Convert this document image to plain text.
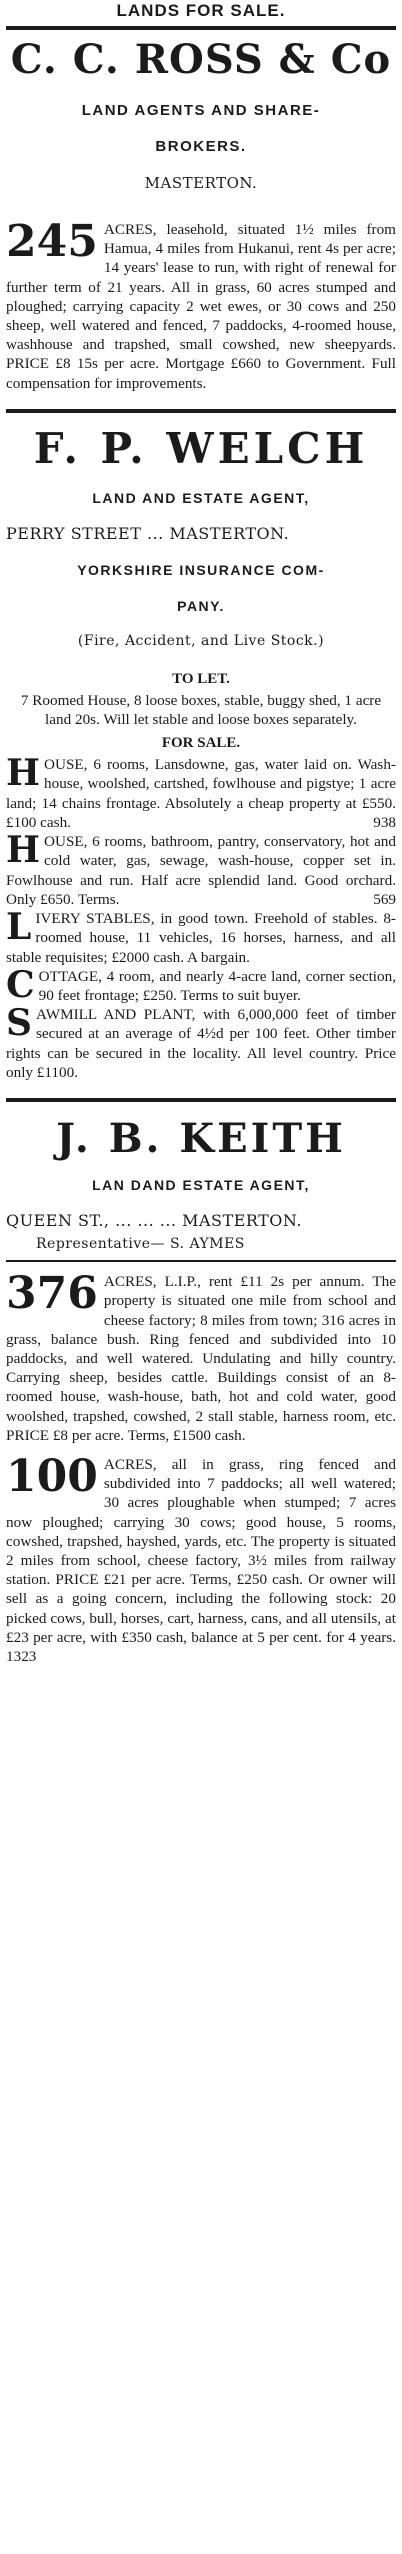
LANDS FOR SALE.
C. C. ROSS & Co
LAND AGENTS AND SHARE-
BROKERS.
MASTERTON.
245 ACRES, leasehold, situated 1½ miles from Hamua, 4 miles from Hukanui, rent 4s per acre; 14 years' lease to run, with right of renewal for further term of 21 years. All in grass, 60 acres stumped and ploughed; carrying capacity 2 wet ewes, or 30 cows and 250 sheep, well watered and fenced, 7 paddocks, 4-roomed house, washhouse and trapshed, small cowshed, new sheepyards. PRICE £8 15s per acre. Mortgage £660 to Government. Full compensation for improvements.

F. P. WELCH
LAND AND ESTATE AGENT,
PERRY STREET ... MASTERTON.
YORKSHIRE INSURANCE COM-
PANY.
(Fire, Accident, and Live Stock.)
TO LET.

7 Roomed House, 8 loose boxes, stable, buggy shed, 1 acre land 20s. Will let stable and loose boxes separately.

FOR SALE.
H OUSE, 6 rooms, Lansdowne, gas, water laid on. Wash-house, woolshed, cartshed, fowlhouse and pigstye; 1 acre land; 14 chains frontage. Absolutely a cheap property at £550. £100 cash.	938
H OUSE, 6 rooms, bathroom, pantry, conservatory, hot and cold water, gas, sewage, wash-house, copper set in. Fowlhouse and run. Half acre splendid land. Good orchard. Only £650. Terms.	569
L IVERY STABLES, in good town. Freehold of stables. 8-roomed house, 11 vehicles, 16 horses, harness, and all stable requisites; £2000 cash. A bargain.

C OTTAGE, 4 room, and nearly 4-acre land, corner section, 90 feet frontage; £250. Terms to suit buyer.

S AWMILL AND PLANT, with 6,000,000 feet of timber secured at an average of 4½d per 100 feet. Other timber rights can be secured in the locality. All level country. Price only £1100.

J. B. KEITH
LAN DAND ESTATE AGENT,
QUEEN ST., ... ... ... MASTERTON.
Representative— S. AYMES
376 ACRES, L.I.P., rent £11 2s per annum. The property is situated one mile from school and cheese factory; 8 miles from town; 316 acres in grass, balance bush. Ring fenced and subdivided into 10 paddocks, and well watered. Undulating and hilly country. Carrying sheep, besides cattle. Buildings consist of an 8-roomed house, wash-house, bath, hot and cold water, good woolshed, trapshed, cowshed, 2 stall stable, harness room, etc. PRICE £8 per acre. Terms, £1500 cash.

100 ACRES, all in grass, ring fenced and subdivided into 7 paddocks; all well watered; 30 acres ploughable when stumped; 7 acres now ploughed; carrying 30 cows; good house, 5 rooms, cowshed, trapshed, hayshed, yards, etc. The property is situated 2 miles from school, cheese factory, 3½ miles from railway station. PRICE £21 per acre. Terms, £250 cash. Or owner will sell as a going concern, including the following stock: 20 picked cows, bull, horses, cart, harness, cans, and all utensils, at £23 per acre, with £350 cash, balance at 5 per cent. for 4 years. 1323
